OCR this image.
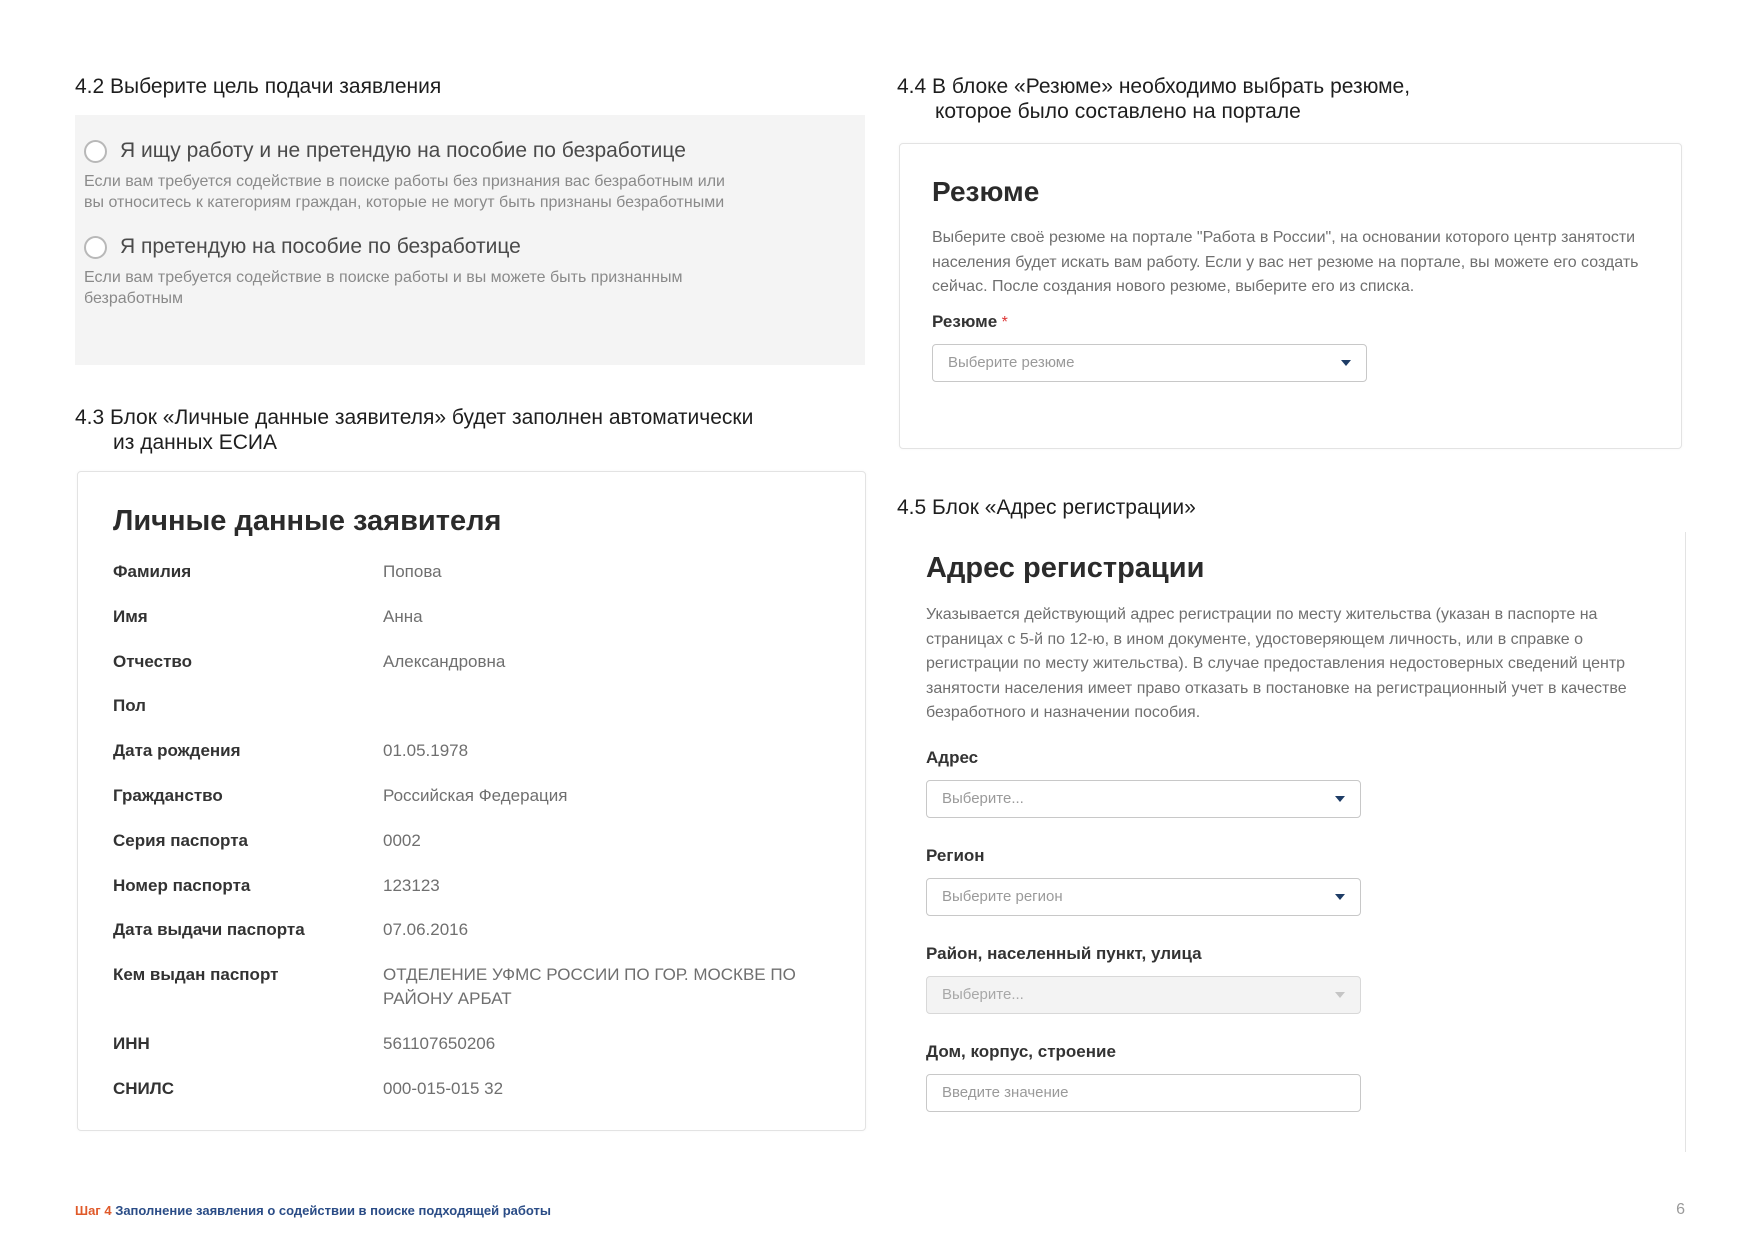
4.2 Выберите цель подачи заявления
Я ищу работу и не претендую на пособие по безработице

Если вам требуется содействие в поиске работы без признания вас безработным или вы относитесь к категориям граждан, которые не могут быть признаны безработными

Я претендую на пособие по безработице

Если вам требуется содействие в поиске работы и вы можете быть признанным безработным

4.3 Блок «Личные данные заявителя» будет заполнен автоматически
из данных ЕСИА
Личные данные заявителя
Фамилия	Попова
Имя	Анна
Отчество	Александровна
Пол
Дата рождения	01.05.1978
Гражданство	Российская Федерация
Серия паспорта	0002
Номер паспорта	123123
Дата выдачи паспорта	07.06.2016
Кем выдан паспорт	ОТДЕЛЕНИЕ УФМС РОССИИ ПО ГОР. МОСКВЕ ПО РАЙОНУ АРБАТ
ИНН	561107650206
СНИЛС	000-015-015 32
4.4 В блоке «Резюме» необходимо выбрать резюме,
которое было составлено на портале
Резюме

Выберите своё резюме на портале "Работа в России", на основании которого центр занятости населения будет искать вам работу. Если у вас нет резюме на портале, вы можете его создать сейчас. После создания нового резюме, выберите его из списка.

Резюме *
Выберите резюме
4.5 Блок «Адрес регистрации»
Адрес регистрации

Указывается действующий адрес регистрации по месту жительства (указан в паспорте на страницах с 5-й по 12-ю, в ином документе, удостоверяющем личность, или в справке о регистрации по месту жительства). В случае предоставления недостоверных сведений центр занятости населения имеет право отказать в постановке на регистрационный учет в качестве безработного и назначении пособия.

Адрес
Выберите...
Регион
Выберите регион
Район, населенный пункт, улица
Выберите...
Дом, корпус, строение
Введите значение
Шаг 4 Заполнение заявления о содействии в поиске подходящей работы	6
